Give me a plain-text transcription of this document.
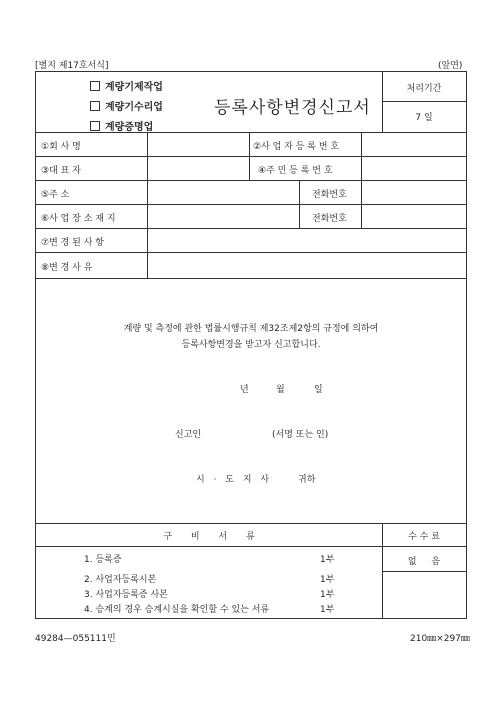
[별지 제17호서식]	(앞면)
계량기제작업
계량기수리업
계량증명업
등록사항변경신고서
처리기간
7 일
①회 사 명	②사 업 자 등 록 번 호
③대 표 자	④주 민 등 록 번 호
⑤주 소	전화번호
⑥사 업 장 소 재 지	전화번호
⑦변 경 된 사 항
⑧변 경 사 유
계량 및 측정에 관한 법률시행규칙 제32조제2항의 규정에 의하여
등록사항변경을 받고자 신고합니다.
년	월	일
신고인	(서명 또는 인)
시 · 도 지 사	귀하
구 비 서 류	수 수 료
없 음
1. 등록증	1부
2. 사업자등록시본	1부
3. 사업자등록증 사본	1부
4. 승계의 경우 승계시실을 확인할 수 있는 서류	1부
49284—055111민	210㎜×297㎜
